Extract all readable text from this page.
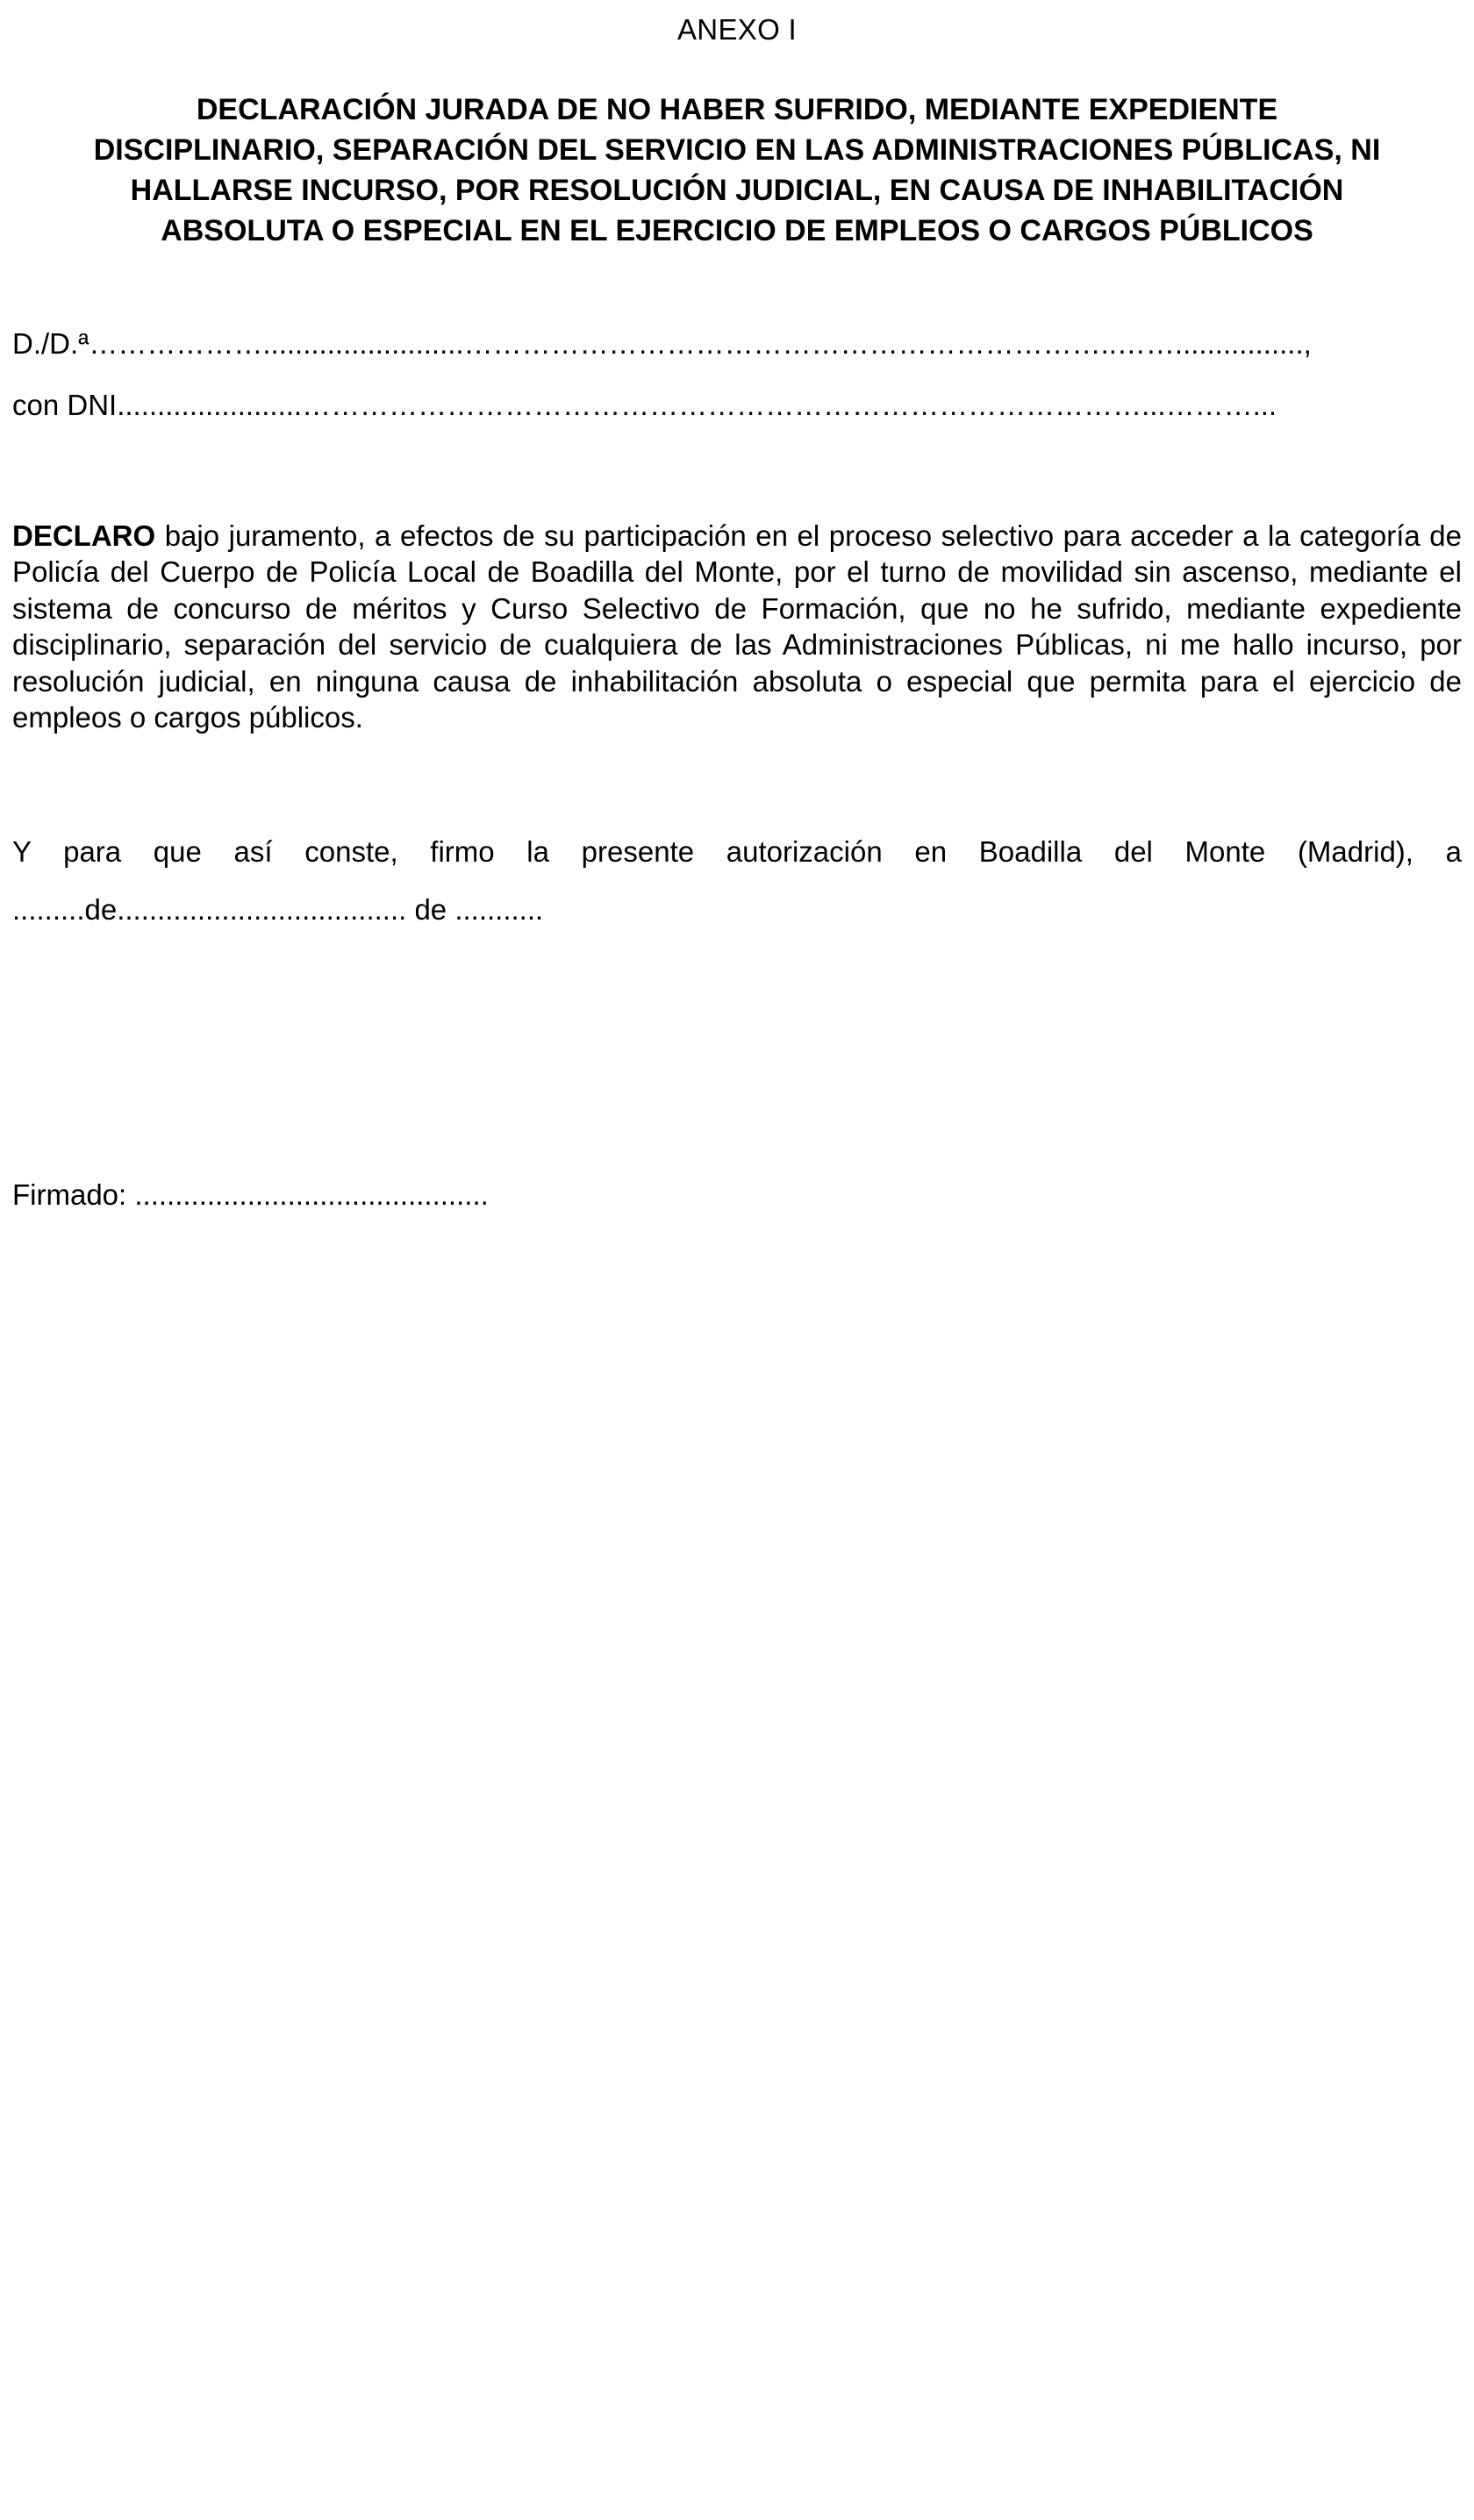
ANEXO I
DECLARACIÓN JURADA DE NO HABER SUFRIDO, MEDIANTE EXPEDIENTE
DISCIPLINARIO, SEPARACIÓN DEL SERVICIO EN LAS ADMINISTRACIONES PÚBLICAS, NI
HALLARSE INCURSO, POR RESOLUCIÓN JUDICIAL, EN CAUSA DE INHABILITACIÓN
ABSOLUTA O ESPECIAL EN EL EJERCICIO DE EMPLEOS O CARGOS PÚBLICOS
D./D.ª……………….........................…………………………………………………………..……................,
con DNI.......................……………………………………………………………………………...………...

DECLARO bajo juramento, a efectos de su participación en el proceso selectivo para acceder a la categoría de Policía del Cuerpo de Policía Local de Boadilla del Monte, por el turno de movilidad sin ascenso, mediante el sistema de concurso de méritos y Curso Selectivo de Formación, que no he sufrido, mediante expediente disciplinario, separación del servicio de cualquiera de las Administraciones Públicas, ni me hallo incurso, por resolución judicial, en ninguna causa de inhabilitación absoluta o especial que permita para el ejercicio de empleos o cargos públicos.

Y para que así conste, firmo la presente autorización en Boadilla del Monte (Madrid), a .........de.................................... de ...........

Firmado: ............................................
